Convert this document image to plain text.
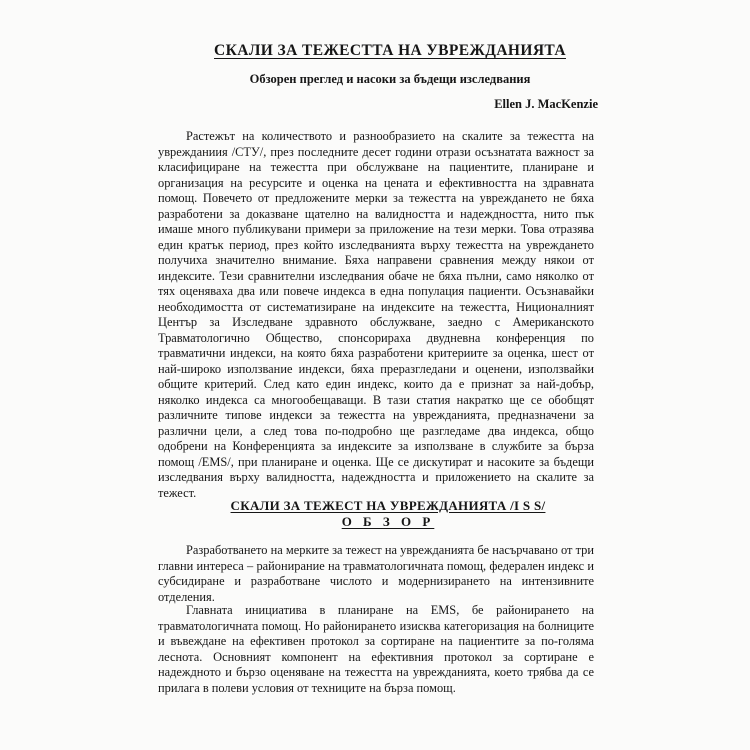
СКАЛИ ЗА ТЕЖЕСТТА НА УВРЕЖДАНИЯТА
Обзорен преглед и насоки за бъдещи изследвания
Ellen J. MacKenzie

Растежът на количеството и разнообразието на скалите за тежестта на уврежданиия /СТУ/, през последните десет години отрази осъзнатата важност за класифициране на тежестта при обслужване на пациентите, планиране и организация на ресурсите и оценка на цената и ефективността на здравната помощ. Повечето от предложените мерки за тежестта на увреждането не бяха разработени за доказване щателно на валидността и надеждността, нито пък имаше много публикувани примери за приложение на тези мерки. Това отразява един кратък период, през който изследванията върху тежестта на увреждането получиха значително внимание. Бяха направени сравнения между някои от индексите. Тези сравнителни изследвания обаче не бяха пълни, само някoлко от тях оценяваха два или повече индекса в една популация пациенти. Осъзнавайки необходимостта от систематизиране на индексите на тежестта, Нициoналният Център за Изследване здравното обслужване, заедно с Американското Травматологично Общество, спонсорираха двудневна конференция по травматични индекси, на която бяха разработени критериите за оценка, шест от най-широко използвание индекси, бяха преразгледани и оценени, използвайки общите критерий. След като един индекс, които да е признат за най-добър, няколко индекса са многообещаващи. В тази статия накратко ще се обобщят различните типове индекси за тежестта на уврежданията, предназначени за различни цели, а след това по-подробно ще разгледаме два индекса, общо одобрени на Конференцията за индексите за използване в службите за бърза помощ /EMS/, при планиране и оценка. Ще се дискутират и насоките за бъдещи изследвания върху валидността, надеждността и приложението на скалите за тежест.

СКАЛИ ЗА ТЕЖЕСТ НА УВРЕЖДАНИЯТА /I S S/
О Б З О Р

Разработването на мерките за тежест на уврежданията бе насърчавано от три главни интереса – районирание на травматологичната помощ, федерален индекс и субсидиране и разработване числото и модернизирането на интензивните отделения.

Главната инициатива в планиране на EMS, бе районирането на травматологичната помощ. Но районирането изисква категоризация на болниците и въвеждане на ефективен протокол за сортиране на пациентите за по-голяма леснота. Основният компонент на ефективния протокол за сортиране е надеждното и бързо оценяване на тежестта на уврежданията, което трябва да се прилага в полеви условия от техниците на бърза помощ.
